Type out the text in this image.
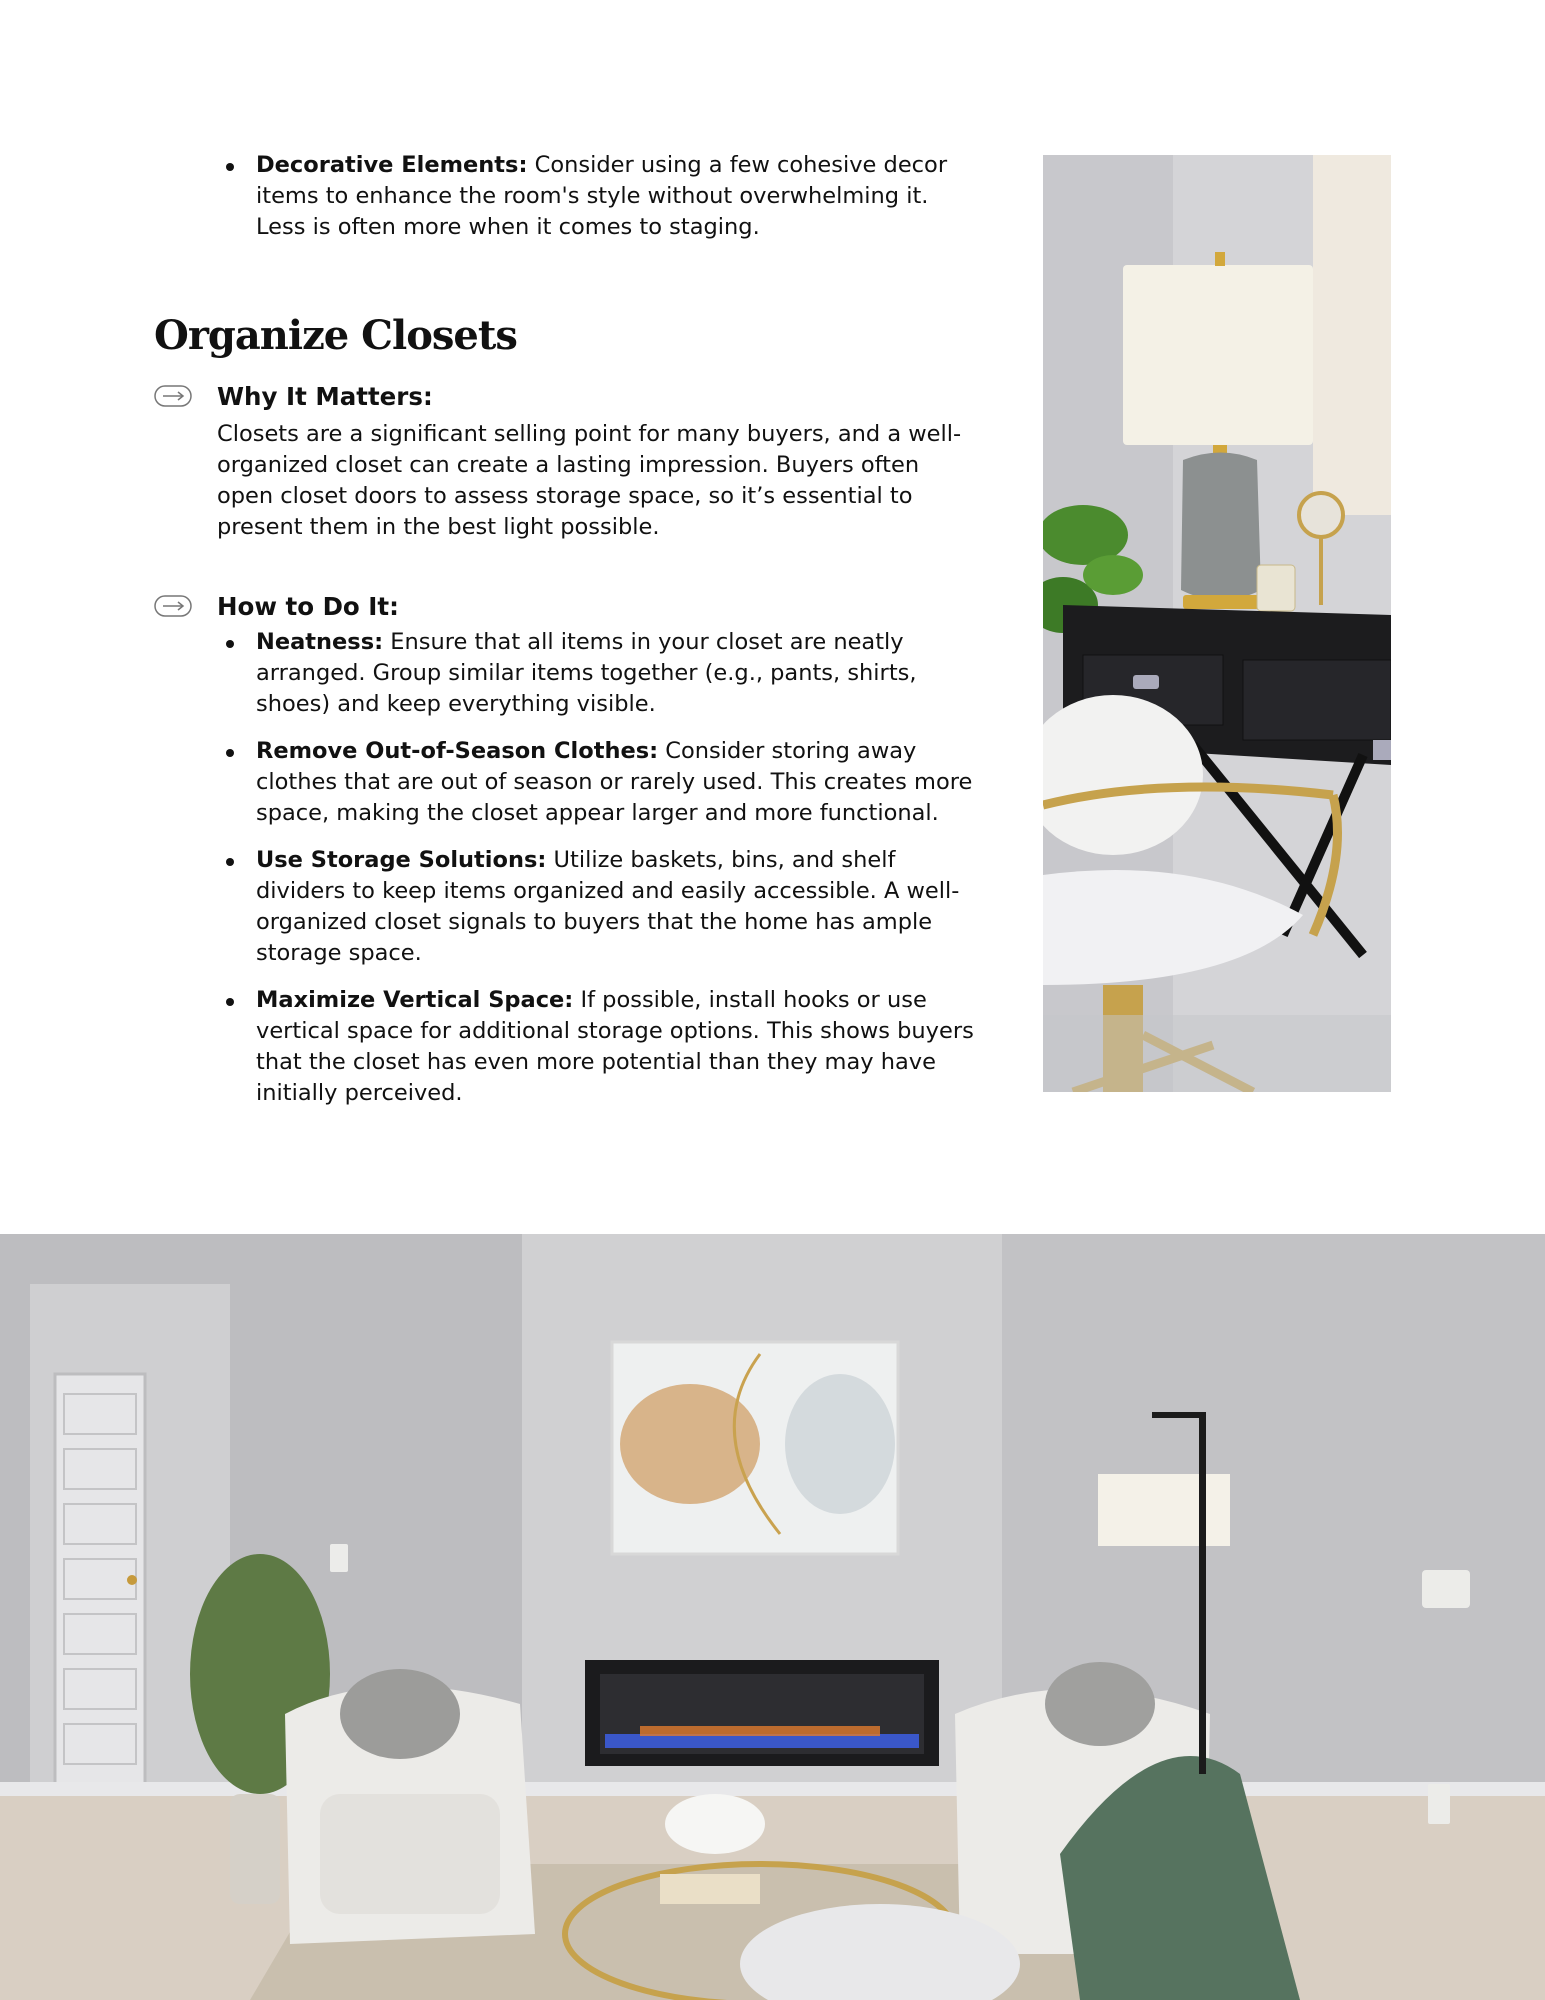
Decorative Elements: Consider using a few cohesive decor items to enhance the room's style without overwhelming it. Less is often more when it comes to staging.
Organize Closets
Why It Matters:

Closets are a significant selling point for many buyers, and a well-organized closet can create a lasting impression. Buyers often open closet doors to assess storage space, so it’s essential to present them in the best light possible.

How to Do It:
Neatness: Ensure that all items in your closet are neatly arranged. Group similar items together (e.g., pants, shirts, shoes) and keep everything visible.
Remove Out-of-Season Clothes: Consider storing away clothes that are out of season or rarely used. This creates more space, making the closet appear larger and more functional.
Use Storage Solutions: Utilize baskets, bins, and shelf dividers to keep items organized and easily accessible. A well-organized closet signals to buyers that the home has ample storage space.
Maximize Vertical Space: If possible, install hooks or use vertical space for additional storage options. This shows buyers that the closet has even more potential than they may have initially perceived.
